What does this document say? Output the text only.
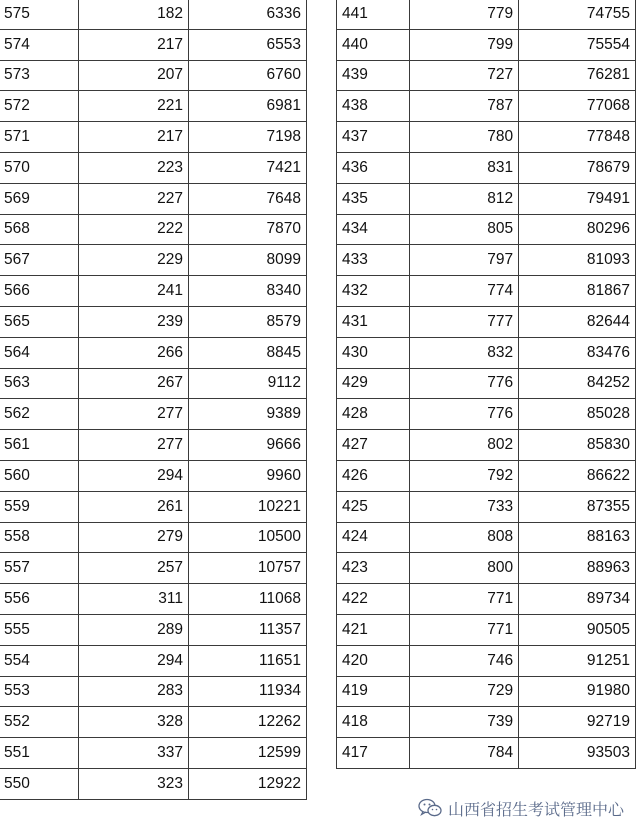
575	182	6336
574	217	6553
573	207	6760
572	221	6981
571	217	7198
570	223	7421
569	227	7648
568	222	7870
567	229	8099
566	241	8340
565	239	8579
564	266	8845
563	267	9112
562	277	9389
561	277	9666
560	294	9960
559	261	10221
558	279	10500
557	257	10757
556	311	11068
555	289	11357
554	294	11651
553	283	11934
552	328	12262
551	337	12599
550	323	12922
441	779	74755
440	799	75554
439	727	76281
438	787	77068
437	780	77848
436	831	78679
435	812	79491
434	805	80296
433	797	81093
432	774	81867
431	777	82644
430	832	83476
429	776	84252
428	776	85028
427	802	85830
426	792	86622
425	733	87355
424	808	88163
423	800	88963
422	771	89734
421	771	90505
420	746	91251
419	729	91980
418	739	92719
417	784	93503
山西省招生考试管理中心
